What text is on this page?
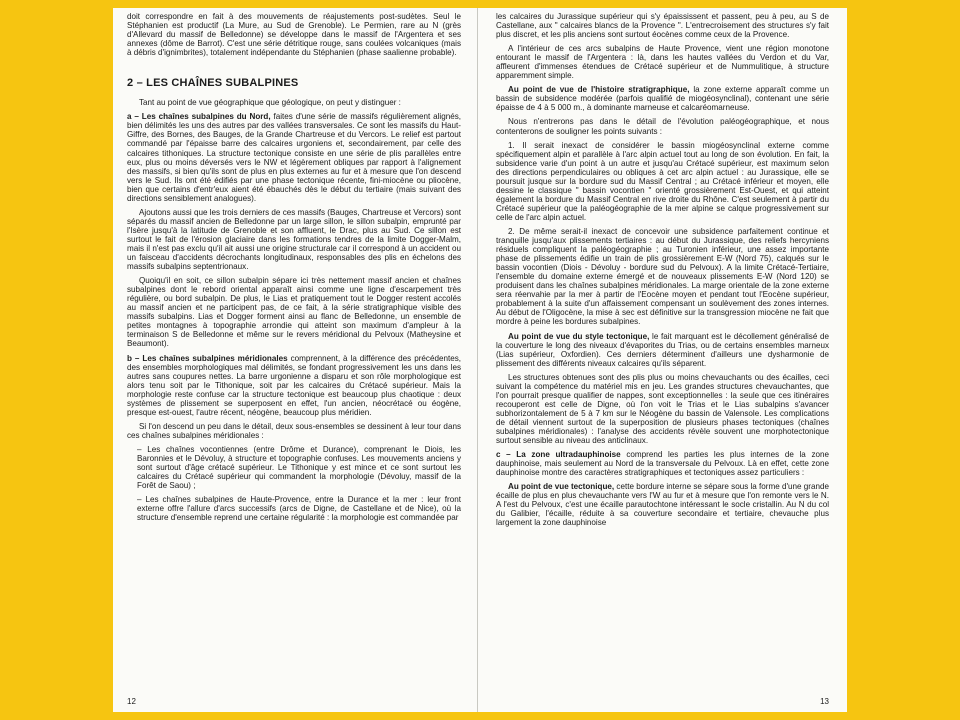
doit correspondre en fait à des mouvements de réajustements post-sudètes. Seul le Stéphanien est productif (La Mure, au Sud de Grenoble). Le Permien, rare au N (grès d'Allevard du massif de Belledonne) se développe dans le massif de l'Argentera et ses annexes (dôme de Barrot). C'est une série détritique rouge, sans coulées volcaniques (mais à débris d'ignimbrites), totalement indépendante du Stéphanien (phase saalienne probable).

2 – LES CHAÎNES SUBALPINES

Tant au point de vue géographique que géologique, on peut y distinguer :

a – Les chaînes subalpines du Nord, faites d'une série de massifs régulièrement alignés, bien délimités les uns des autres par des vallées transversales. Ce sont les massifs du Haut-Giffre, des Bornes, des Bauges, de la Grande Chartreuse et du Vercors. Le relief est partout commandé par l'épaisse barre des calcaires urgoniens et, secondairement, par celle des calcaires tithoniques. La structure tectonique consiste en une série de plis parallèles entre eux, plus ou moins déversés vers le NW et légèrement obliques par rapport à l'alignement des massifs, si bien qu'ils sont de plus en plus externes au fur et à mesure que l'on descend vers le Sud. Ils ont été édifiés par une phase tectonique récente, fini-miocène ou pliocène, bien que certains d'entr'eux aient été ébauchés dès le début du tertiaire (mais suivant des directions sensiblement analogues).

Ajoutons aussi que les trois derniers de ces massifs (Bauges, Chartreuse et Vercors) sont séparés du massif ancien de Belledonne par un large sillon, le sillon subalpin, emprunté par l'Isère jusqu'à la latitude de Grenoble et son affluent, le Drac, plus au Sud. Ce sillon est surtout le fait de l'érosion glaciaire dans les formations tendres de la limite Dogger-Malm, mais il n'est pas exclu qu'il ait aussi une origine structurale car il correspond à un accident ou un faisceau d'accidents décrochants longitudinaux, responsables des plis en échelons des massifs subalpins septentrionaux.

Quoiqu'il en soit, ce sillon subalpin sépare ici très nettement massif ancien et chaînes subalpines dont le rebord oriental apparaît ainsi comme une ligne d'escarpement très régulière, ou bord subalpin. De plus, le Lias et pratiquement tout le Dogger restent accolés au massif ancien et ne participent pas, de ce fait, à la série stratigraphique visible des massifs subalpins. Lias et Dogger forment ainsi au flanc de Belledonne, un ensemble de petites montagnes à topographie arrondie qui atteint son maximum d'ampleur à la terminaison S de Belledonne et même sur le revers méridional du Pelvoux (Matheysine et Beaumont).

b – Les chaînes subalpines méridionales comprennent, à la différence des précédentes, des ensembles morphologiques mal délimités, se fondant progressivement les uns dans les autres sans coupures nettes. La barre urgonienne a disparu et son rôle morphologique est alors tenu soit par le Tithonique, soit par les calcaires du Crétacé supérieur. Mais la morphologie reste confuse car la structure tectonique est beaucoup plus chaotique : deux systèmes de plissement se superposent en effet, l'un ancien, néocrétacé ou éogène, presque est-ouest, l'autre récent, néogène, beaucoup plus méridien.

Si l'on descend un peu dans le détail, deux sous-ensembles se dessinent à leur tour dans ces chaînes subalpines méridionales :

– Les chaînes vocontiennes (entre Drôme et Durance), comprenant le Diois, les Baronnies et le Dévoluy, à structure et topographie confuses. Les mouvements anciens y sont surtout d'âge crétacé supérieur. Le Tithonique y est mince et ce sont surtout les calcaires du Crétacé supérieur qui commandent la morphologie (Dévoluy, massif de la Forêt de Saou) ;

– Les chaînes subalpines de Haute-Provence, entre la Durance et la mer : leur front externe offre l'allure d'arcs successifs (arcs de Digne, de Castellane et de Nice), où la structure d'ensemble reprend une certaine régularité : la morphologie est commandée par

12

les calcaires du Jurassique supérieur qui s'y épaississent et passent, peu à peu, au S de Castellane, aux " calcaires blancs de la Provence ". L'entrecroisement des structures s'y fait plus discret, et les plis anciens sont surtout éocènes comme ceux de la Provence.

A l'intérieur de ces arcs subalpins de Haute Provence, vient une région monotone entourant le massif de l'Argentera : là, dans les hautes vallées du Verdon et du Var, affleurent d'immenses étendues de Crétacé supérieur et de Nummulitique, à structure apparemment simple.

Au point de vue de l'histoire stratigraphique, la zone externe apparaît comme un bassin de subsidence modérée (parfois qualifié de miogéosynclinal), contenant une série épaisse de 4 à 5 000 m., à dominante marneuse et calcaréomarneuse.

Nous n'entrerons pas dans le détail de l'évolution paléogéographique, et nous contenterons de souligner les points suivants :

1. Il serait inexact de considérer le bassin miogéosynclinal externe comme spécifiquement alpin et parallèle à l'arc alpin actuel tout au long de son évolution. En fait, la subsidence varie d'un point à un autre et jusqu'au Crétacé supérieur, est maximum selon des directions perpendiculaires ou obliques à cet arc alpin actuel : au Jurassique, elle se poursuit jusque sur la bordure sud du Massif Central ; au Crétacé inférieur et moyen, elle dessine le classique " bassin vocontien " orienté grossièrement Est-Ouest, et qui atteint également la bordure du Massif Central en rive droite du Rhône. C'est seulement à partir du Crétacé supérieur que la paléogéographie de la mer alpine se calque progressivement sur celle de l'arc alpin actuel.

2. De même serait-il inexact de concevoir une subsidence parfaitement continue et tranquille jusqu'aux plissements tertiaires : au début du Jurassique, des reliefs hercyniens résiduels compliquent la paléogéographie ; au Turonien inférieur, une assez importante phase de plissements édifie un train de plis grossièrement E-W (Nord 75), calqués sur le bassin vocontien (Diois - Dévoluy - bordure sud du Pelvoux). A la limite Crétacé-Tertiaire, l'ensemble du domaine externe émergé et de nouveaux plissements E-W (Nord 120) se produisent dans les chaînes subalpines méridionales. La marge orientale de la zone externe sera réenvahie par la mer à partir de l'Eocène moyen et pendant tout l'Eocène supérieur, probablement à la suite d'un affaissement compensant un soulèvement des zones internes. Au début de l'Oligocène, la mise à sec est définitive sur la transgression miocène ne fait que mordre à peine les bordures subalpines.

Au point de vue du style tectonique, le fait marquant est le décollement généralisé de la couverture le long des niveaux d'évaporites du Trias, ou de certains ensembles marneux (Lias supérieur, Oxfordien). Ces derniers déterminent d'ailleurs une dysharmonie de plissement des différents niveaux calcaires qu'ils séparent.

Les structures obtenues sont des plis plus ou moins chevauchants ou des écailles, ceci suivant la compétence du matériel mis en jeu. Les grandes structures chevauchantes, que l'on pourrait presque qualifier de nappes, sont exceptionnelles : la seule que ces itinéraires recouperont est celle de Digne, où l'on voit le Trias et le Lias subalpins s'avancer subhorizontalement de 5 à 7 km sur le Néogène du bassin de Valensole. Les complications de détail viennent surtout de la superposition de plusieurs phases tectoniques (chaînes subalpines méridionales) : l'analyse des accidents révèle souvent une morphotectonique surtout sensible au niveau des anticlinaux.

c – La zone ultradauphinoise comprend les parties les plus internes de la zone dauphinoise, mais seulement au Nord de la transversale du Pelvoux. Là en effet, cette zone dauphinoise montre des caractères stratigraphiques et tectoniques assez particuliers :

Au point de vue tectonique, cette bordure interne se sépare sous la forme d'une grande écaille de plus en plus chevauchante vers l'W au fur et à mesure que l'on remonte vers le N. A l'est du Pelvoux, c'est une écaille parautochtone intéressant le socle cristallin. Au N du col du Galibier, l'écaille, réduite à sa couverture secondaire et tertiaire, chevauche plus largement la zone dauphinoise

13
